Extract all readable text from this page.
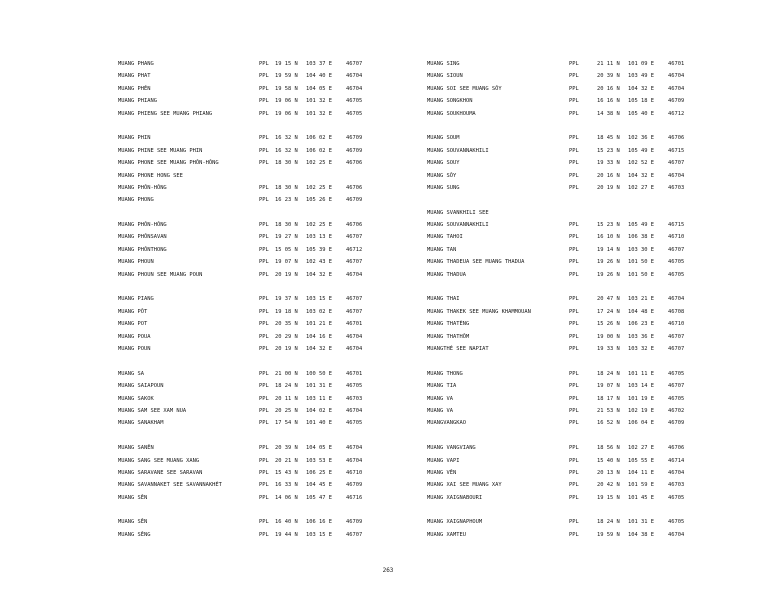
MUANG PHANG	PPL 19 15 N 103 37 E	46707
MUANG PHAT	PPL 19 59 N 104 40 E	46704
MUANG PHÊN	PPL 19 58 N 104 05 E	46704
MUANG PHIANG	PPL 19 06 N 101 32 E	46705
MUANG PHIENG SEE MUANG PHIANG	PPL 19 06 N 101 32 E	46705
MUANG PHIN	PPL 16 32 N 106 02 E	46709
MUANG PHINE SEE MUANG PHIN	PPL 16 32 N 106 02 E	46709
MUANG PHONE SEE MUANG PHÔN-HÔNG	PPL 18 30 N 102 25 E	46706
MUANG PHONE HONG SEE
MUANG PHÔN-HÔNG	PPL 18 30 N 102 25 E	46706
MUANG PHONG	PPL 16 23 N 105 26 E	46709
MUANG PHÔN-HÔNG	PPL 18 30 N 102 25 E	46706
MUANG PHÔNSAVAN	PPL 19 27 N 103 13 E	46707
MUANG PHÔNTHONG	PPL 15 05 N 105 39 E	46712
MUANG PHOUN	PPL 19 07 N 102 43 E	46707
MUANG PHOUN SEE MUANG POUN	PPL 20 19 N 104 32 E	46704
MUANG PIANG	PPL 19 37 N 103 15 E	46707
MUANG PÔT	PPL 19 18 N 103 02 E	46707
MUANG POT	PPL 20 35 N 101 21 E	46701
MUANG POUA	PPL 20 29 N 104 16 E	46704
MUANG POUN	PPL 20 19 N 104 32 E	46704
MUANG SA	PPL 21 00 N 100 50 E	46701
MUANG SAIAPOUN	PPL 18 24 N 101 31 E	46705
MUANG SAKOK	PPL 20 11 N 103 11 E	46703
MUANG SAM SEE XAM NUA	PPL 20 25 N 104 02 E	46704
MUANG SANAKHAM	PPL 17 54 N 101 40 E	46705
MUANG SANÊN	PPL 20 39 N 104 05 E	46704
MUANG SANG SEE MUANG XANG	PPL 20 21 N 103 53 E	46704
MUANG SARAVANE SEE SARAVAN	PPL 15 43 N 106 25 E	46710
MUANG SAVANNAKET SEE SAVANNAKHÉT	PPL 16 33 N 104 45 E	46709
MUANG SÊN	PPL 14 06 N 105 47 E	46716
MUANG SÊN	PPL 16 40 N 106 16 E	46709
MUANG SÊNG	PPL 19 44 N 103 15 E	46707
MUANG SING	PPL	21 11 N 101 09 E	46701
MUANG SIOUN	PPL	20 39 N 103 49 E	46704
MUANG SOI SEE MUANG SÔY	PPL	20 16 N 104 32 E	46704
MUANG SONGKHON	PPL	16 16 N 105 18 E	46709
MUANG SOUKHOUMA	PPL	14 38 N 105 40 E	46712
MUANG SOUM	PPL	18 45 N 102 36 E	46706
MUANG SOUVANNAKHILI	PPL	15 23 N 105 49 E	46715
MUANG SOUY	PPL	19 33 N 102 52 E	46707
MUANG SÔY	PPL	20 16 N 104 32 E	46704
MUANG SUNG	PPL	20 19 N 102 27 E	46703
MUANG SVANKHILI SEE
MUANG SOUVANNAKHILI	PPL	15 23 N 105 49 E	46715
MUANG TAHOI	PPL	16 10 N 106 38 E	46710
MUANG TAN	PPL	19 14 N 103 30 E	46707
MUANG THADEUA SEE MUANG THADUA	PPL	19 26 N 101 50 E	46705
MUANG THADUA	PPL	19 26 N 101 50 E	46705
MUANG THAI	PPL	20 47 N 103 21 E	46704
MUANG THAKEK SEE MUANG KHAMMOUAN	PPL	17 24 N 104 48 E	46708
MUANG THATÈNG	PPL	15 26 N 106 23 E	46710
MUANG THATHÔM	PPL	19 00 N 103 36 E	46707
MUANGTHÉ SEE NAPIAT	PPL	19 33 N 103 32 E	46707
MUANG THONG	PPL	18 24 N 101 11 E	46705
MUANG TIA	PPL	19 07 N 103 14 E	46707
MUANG VA	PPL	18 17 N 101 19 E	46705
MUANG VA	PPL	21 53 N 102 19 E	46702
MUANGVANGKAO	PPL	16 52 N 106 04 E	46709
MUANG VANGVIANG	PPL	18 56 N 102 27 E	46706
MUANG VAPI	PPL	15 40 N 105 55 E	46714
MUANG VÊN	PPL	20 13 N 104 11 E	46704
MUANG XAI SEE MUANG XAY	PPL	20 42 N 101 59 E	46703
MUANG XAIGNABOURI	PPL	19 15 N 101 45 E	46705
MUANG XAIGNAPHOUM	PPL	18 24 N 101 31 E	46705
MUANG XAMTEU	PPL	19 59 N 104 38 E	46704
263
